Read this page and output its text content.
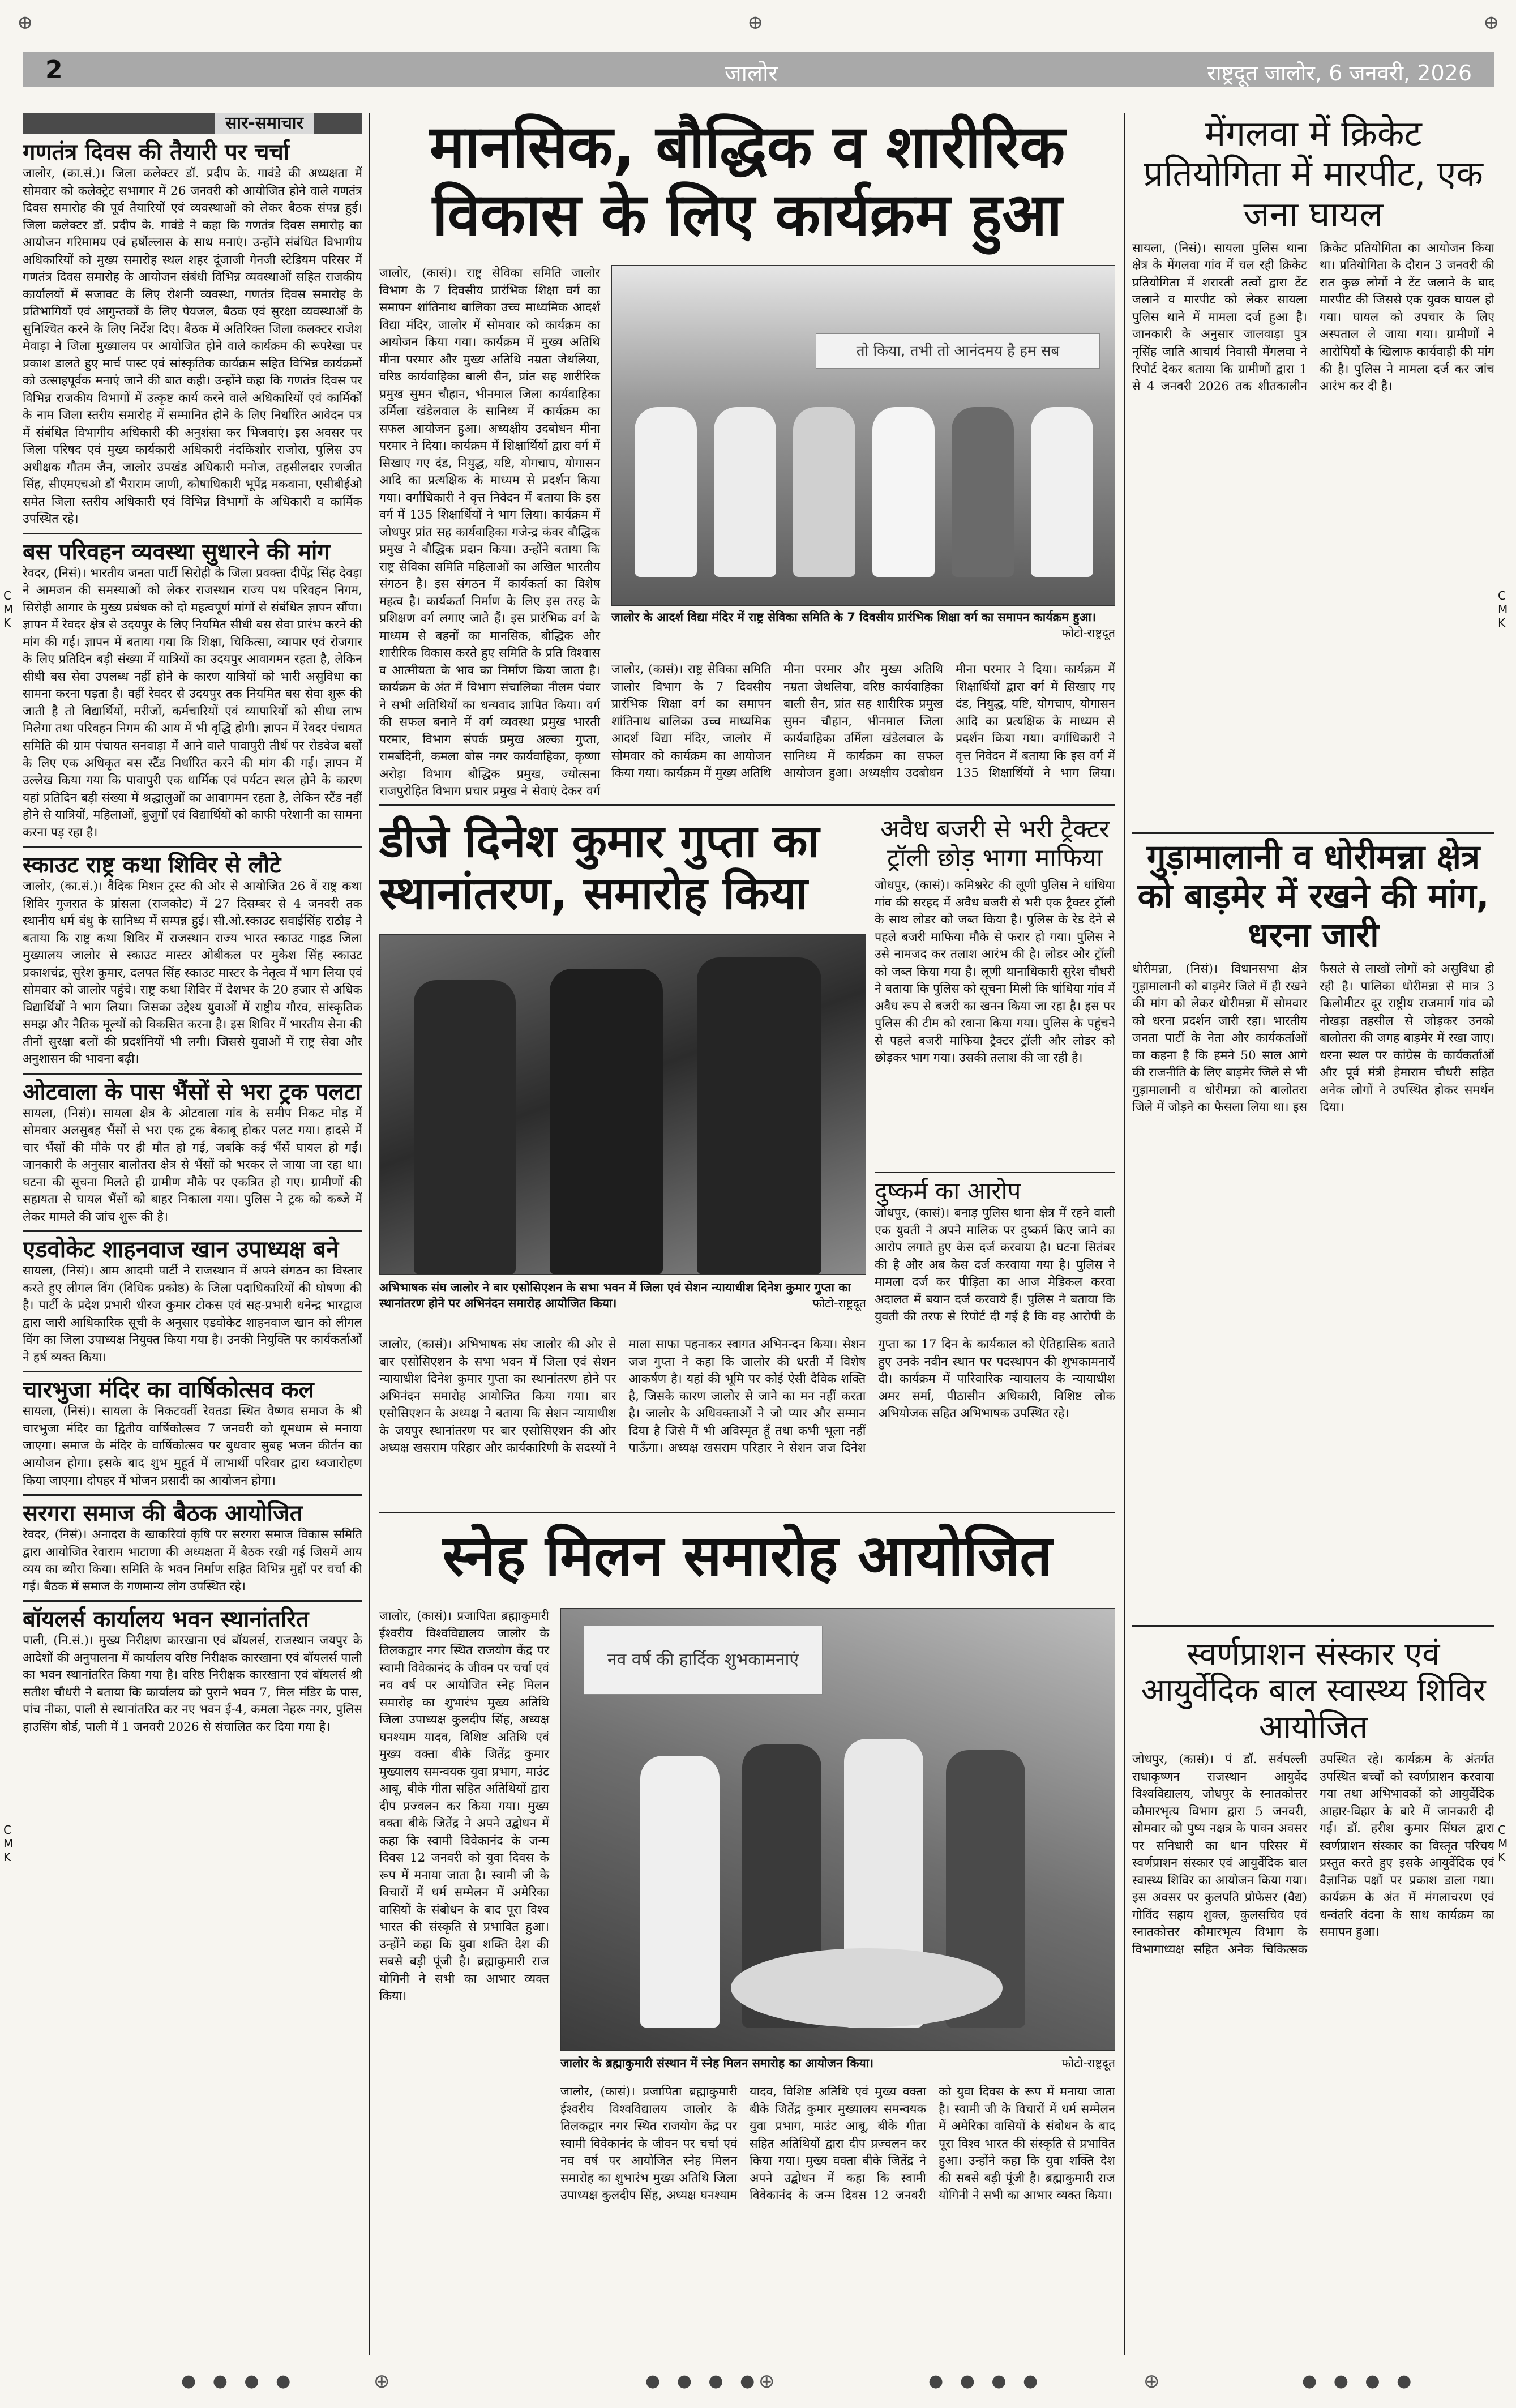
⊕	⊕	⊕
C
M
K
C
M
K
C
M
K
C
M
K
2	जालोर	राष्ट्रदूत जालोर, 6 जनवरी, 2026
सार-समाचार
गणतंत्र दिवस की तैयारी पर चर्चा
जालोर, (का.सं.)। जिला कलेक्टर डॉ. प्रदीप के. गावंडे की अध्यक्षता में सोमवार को कलेक्ट्रेट सभागार में 26 जनवरी को आयोजित होने वाले गणतंत्र दिवस समारोह की पूर्व तैयारियों एवं व्यवस्थाओं को लेकर बैठक संपन्न हुई। जिला कलेक्टर डॉ. प्रदीप के. गावंडे ने कहा कि गणतंत्र दिवस समारोह का आयोजन गरिमामय एवं हर्षोल्लास के साथ मनाएं। उन्होंने संबंधित विभागीय अधिकारियों को मुख्य समारोह स्थल शहर दूंजाजी गेनजी स्टेडियम परिसर में गणतंत्र दिवस समारोह के आयोजन संबंधी विभिन्न व्यवस्थाओं सहित राजकीय कार्यालयों में सजावट के लिए रोशनी व्यवस्था, गणतंत्र दिवस समारोह के प्रतिभागियों एवं आगुन्तकों के लिए पेयजल, बैठक एवं सुरक्षा व्यवस्थाओं के सुनिश्चित करने के लिए निर्देश दिए। बैठक में अतिरिक्त जिला कलक्टर राजेश मेवाड़ा ने जिला मुख्यालय पर आयोजित होने वाले कार्यक्रम की रूपरेखा पर प्रकाश डालते हुए मार्च पास्ट एवं सांस्कृतिक कार्यक्रम सहित विभिन्न कार्यक्रमों को उत्साहपूर्वक मनाएं जाने की बात कही। उन्होंने कहा कि गणतंत्र दिवस पर विभिन्न राजकीय विभागों में उत्कृष्ट कार्य करने वाले अधिकारियों एवं कार्मिकों के नाम जिला स्तरीय समारोह में सम्मानित होने के लिए निर्धारित आवेदन पत्र में संबंधित विभागीय अधिकारी की अनुशंसा कर भिजवाएं। इस अवसर पर जिला परिषद एवं मुख्य कार्यकारी अधिकारी नंदकिशोर राजोरा, पुलिस उप अधीक्षक गौतम जैन, जालोर उपखंड अधिकारी मनोज, तहसीलदार रणजीत सिंह, सीएमएचओ डॉ भैराराम जाणी, कोषाधिकारी भूपेंद्र मकवाना, एसीबीईओ समेत जिला स्तरीय अधिकारी एवं विभिन्न विभागों के अधिकारी व कार्मिक उपस्थित रहे।
बस परिवहन व्यवस्था सुधारने की मांग
रेवदर, (निसं)। भारतीय जनता पार्टी सिरोही के जिला प्रवक्ता दीपेंद्र सिंह देवड़ा ने आमजन की समस्याओं को लेकर राजस्थान राज्य पथ परिवहन निगम, सिरोही आगार के मुख्य प्रबंधक को दो महत्वपूर्ण मांगों से संबंधित ज्ञापन सौंपा। ज्ञापन में रेवदर क्षेत्र से उदयपुर के लिए नियमित सीधी बस सेवा प्रारंभ करने की मांग की गई। ज्ञापन में बताया गया कि शिक्षा, चिकित्सा, व्यापार एवं रोजगार के लिए प्रतिदिन बड़ी संख्या में यात्रियों का उदयपुर आवागमन रहता है, लेकिन सीधी बस सेवा उपलब्ध नहीं होने के कारण यात्रियों को भारी असुविधा का सामना करना पड़ता है। वहीं रेवदर से उदयपुर तक नियमित बस सेवा शुरू की जाती है तो विद्यार्थियों, मरीजों, कर्मचारियों एवं व्यापारियों को सीधा लाभ मिलेगा तथा परिवहन निगम की आय में भी वृद्धि होगी। ज्ञापन में रेवदर पंचायत समिति की ग्राम पंचायत सनवाड़ा में आने वाले पावापुरी तीर्थ पर रोडवेज बसों के लिए एक अधिकृत बस स्टैंड निर्धारित करने की मांग की गई। ज्ञापन में उल्लेख किया गया कि पावापुरी एक धार्मिक एवं पर्यटन स्थल होने के कारण यहां प्रतिदिन बड़ी संख्या में श्रद्धालुओं का आवागमन रहता है, लेकिन स्टैंड नहीं होने से यात्रियों, महिलाओं, बुजुर्गों एवं विद्यार्थियों को काफी परेशानी का सामना करना पड़ रहा है।
स्काउट राष्ट्र कथा शिविर से लौटे
जालोर, (का.सं.)। वैदिक मिशन ट्रस्ट की ओर से आयोजित 26 वें राष्ट्र कथा शिविर गुजरात के प्रांसला (राजकोट) में 27 दिसम्बर से 4 जनवरी तक स्थानीय धर्म बंधु के सानिध्य में सम्पन्न हुई। सी.ओ.स्काउट सवाईसिंह राठौड़ ने बताया कि राष्ट्र कथा शिविर में राजस्थान राज्य भारत स्काउट गाइड जिला मुख्यालय जालोर से स्काउट मास्टर ओबीकल पर मुकेश सिंह स्काउट प्रकाशचंद्र, सुरेश कुमार, दलपत सिंह स्काउट मास्टर के नेतृत्व में भाग लिया एवं सोमवार को जालोर पहुंचे। राष्ट्र कथा शिविर में देशभर के 20 हजार से अधिक विद्यार्थियों ने भाग लिया। जिसका उद्देश्य युवाओं में राष्ट्रीय गौरव, सांस्कृतिक समझ और नैतिक मूल्यों को विकसित करना है। इस शिविर में भारतीय सेना की तीनों सुरक्षा बलों की प्रदर्शनियों भी लगी। जिससे युवाओं में राष्ट्र सेवा और अनुशासन की भावना बढ़ी।
ओटवाला के पास भैंसों से भरा ट्रक पलटा
सायला, (निसं)। सायला क्षेत्र के ओटवाला गांव के समीप निकट मोड़ में सोमवार अलसुबह भैंसों से भरा एक ट्रक बेकाबू होकर पलट गया। हादसे में चार भैंसों की मौके पर ही मौत हो गई, जबकि कई भैंसें घायल हो गईं। जानकारी के अनुसार बालोतरा क्षेत्र से भैंसों को भरकर ले जाया जा रहा था। घटना की सूचना मिलते ही ग्रामीण मौके पर एकत्रित हो गए। ग्रामीणों की सहायता से घायल भैंसों को बाहर निकाला गया। पुलिस ने ट्रक को कब्जे में लेकर मामले की जांच शुरू की है।
एडवोकेट शाहनवाज खान उपाध्यक्ष बने
सायला, (निसं)। आम आदमी पार्टी ने राजस्थान में अपने संगठन का विस्तार करते हुए लीगल विंग (विधिक प्रकोष्ठ) के जिला पदाधिकारियों की घोषणा की है। पार्टी के प्रदेश प्रभारी धीरज कुमार टोकस एवं सह-प्रभारी धनेन्द्र भारद्वाज द्वारा जारी आधिकारिक सूची के अनुसार एडवोकेट शाहनवाज खान को लीगल विंग का जिला उपाध्यक्ष नियुक्त किया गया है। उनकी नियुक्ति पर कार्यकर्ताओं ने हर्ष व्यक्त किया।
चारभुजा मंदिर का वार्षिकोत्सव कल
सायला, (निसं)। सायला के निकटवर्ती रेवतडा स्थित वैष्णव समाज के श्री चारभुजा मंदिर का द्वितीय वार्षिकोत्सव 7 जनवरी को धूमधाम से मनाया जाएगा। समाज के मंदिर के वार्षिकोत्सव पर बुधवार सुबह भजन कीर्तन का आयोजन होगा। इसके बाद शुभ मुहूर्त में लाभार्थी परिवार द्वारा ध्वजारोहण किया जाएगा। दोपहर में भोजन प्रसादी का आयोजन होगा।
सरगरा समाज की बैठक आयोजित
रेवदर, (निसं)। अनादरा के खाकरियां कृषि पर सरगरा समाज विकास समिति द्वारा आयोजित रेवाराम भाटाणा की अध्यक्षता में बैठक रखी गई जिसमें आय व्यय का ब्यौरा किया। समिति के भवन निर्माण सहित विभिन्न मुद्दों पर चर्चा की गई। बैठक में समाज के गणमान्य लोग उपस्थित रहे।
बॉयलर्स कार्यालय भवन स्थानांतरित
पाली, (नि.सं.)। मुख्य निरीक्षण कारखाना एवं बॉयलर्स, राजस्थान जयपुर के आदेशों की अनुपालना में कार्यालय वरिष्ठ निरीक्षक कारखाना एवं बॉयलर्स पाली का भवन स्थानांतरित किया गया है। वरिष्ठ निरीक्षक कारखाना एवं बॉयलर्स श्री सतीश चौधरी ने बताया कि कार्यालय को पुराने भवन 7, मिल मंडिर के पास, पांच नीका, पाली से स्थानांतरित कर नए भवन ई-4, कमला नेहरू नगर, पुलिस हाउसिंग बोर्ड, पाली में 1 जनवरी 2026 से संचालित कर दिया गया है।
मानसिक, बौद्धिक व शारीरिक विकास के लिए कार्यक्रम हुआ
जालोर, (कासं)। राष्ट्र सेविका समिति जालोर विभाग के 7 दिवसीय प्रारंभिक शिक्षा वर्ग का समापन शांतिनाथ बालिका उच्च माध्यमिक आदर्श विद्या मंदिर, जालोर में सोमवार को कार्यक्रम का आयोजन किया गया। कार्यक्रम में मुख्य अतिथि मीना परमार और मुख्य अतिथि नम्रता जेथलिया, वरिष्ठ कार्यवाहिका बाली सैन, प्रांत सह शारीरिक प्रमुख सुमन चौहान, भीनमाल जिला कार्यवाहिका उर्मिला खंडेलवाल के सानिध्य में कार्यक्रम का सफल आयोजन हुआ। अध्यक्षीय उदबोधन मीना परमार ने दिया। कार्यक्रम में शिक्षार्थियों द्वारा वर्ग में सिखाए गए दंड, नियुद्ध, यष्टि, योगचाप, योगासन आदि का प्रत्यक्षिक के माध्यम से प्रदर्शन किया गया। वर्गाधिकारी ने वृत्त निवेदन में बताया कि इस वर्ग में 135 शिक्षार्थियों ने भाग लिया। कार्यक्रम में जोधपुर प्रांत सह कार्यवाहिका गजेन्द्र कंवर बौद्धिक प्रमुख ने बौद्धिक प्रदान किया। उन्होंने बताया कि राष्ट्र सेविका समिति महिलाओं का अखिल भारतीय संगठन है। इस संगठन में कार्यकर्ता का विशेष महत्व है। कार्यकर्ता निर्माण के लिए इस तरह के प्रशिक्षण वर्ग लगाए जाते हैं। इस प्रारंभिक वर्ग के माध्यम से बहनों का मानसिक, बौद्धिक और शारीरिक विकास करते हुए समिति के प्रति विश्वास व आत्मीयता के भाव का निर्माण किया जाता है। कार्यक्रम के अंत में विभाग संचालिका नीलम पंवार ने सभी अतिथियों का धन्यवाद ज्ञापित किया। वर्ग की सफल बनाने में वर्ग व्यवस्था प्रमुख भारती परमार, विभाग संपर्क प्रमुख अल्का गुप्ता, रामबंदिनी, कमला बोस नगर कार्यवाहिका, कृष्णा अरोड़ा विभाग बौद्धिक प्रमुख, ज्योत्सना राजपुरोहित विभाग प्रचार प्रमुख ने सेवाएं देकर वर्ग
तो किया, तभी तो आनंदमय है हम सब
जालोर के आदर्श विद्या मंदिर में राष्ट्र सेविका समिति के 7 दिवसीय प्रारंभिक शिक्षा वर्ग का समापन कार्यक्रम हुआ।
फोटो-राष्ट्रदूत
जालोर, (कासं)। राष्ट्र सेविका समिति जालोर विभाग के 7 दिवसीय प्रारंभिक शिक्षा वर्ग का समापन शांतिनाथ बालिका उच्च माध्यमिक आदर्श विद्या मंदिर, जालोर में सोमवार को कार्यक्रम का आयोजन किया गया। कार्यक्रम में मुख्य अतिथि मीना परमार और मुख्य अतिथि नम्रता जेथलिया, वरिष्ठ कार्यवाहिका बाली सैन, प्रांत सह शारीरिक प्रमुख सुमन चौहान, भीनमाल जिला कार्यवाहिका उर्मिला खंडेलवाल के सानिध्य में कार्यक्रम का सफल आयोजन हुआ। अध्यक्षीय उदबोधन मीना परमार ने दिया। कार्यक्रम में शिक्षार्थियों द्वारा वर्ग में सिखाए गए दंड, नियुद्ध, यष्टि, योगचाप, योगासन आदि का प्रत्यक्षिक के माध्यम से प्रदर्शन किया गया। वर्गाधिकारी ने वृत्त निवेदन में बताया कि इस वर्ग में 135 शिक्षार्थियों ने भाग लिया।
डीजे दिनेश कुमार गुप्ता का स्थानांतरण, समारोह किया
अभिभाषक संघ जालोर ने बार एसोसिएशन के सभा भवन में जिला एवं सेशन न्यायाधीश दिनेश कुमार गुप्ता का स्थानांतरण होने पर अभिनंदन समारोह आयोजित किया।	फोटो-राष्ट्रदूत
जालोर, (कासं)। अभिभाषक संघ जालोर की ओर से बार एसोसिएशन के सभा भवन में जिला एवं सेशन न्यायाधीश दिनेश कुमार गुप्ता का स्थानांतरण होने पर अभिनंदन समारोह आयोजित किया गया। बार एसोसिएशन के अध्यक्ष ने बताया कि सेशन न्यायाधीश के जयपुर स्थानांतरण पर बार एसोसिएशन की ओर अध्यक्ष खसराम परिहार और कार्यकारिणी के सदस्यों ने माला साफा पहनाकर स्वागत अभिनन्दन किया। सेशन जज गुप्ता ने कहा कि जालोर की धरती में विशेष आकर्षण है। यहां की भूमि पर कोई ऐसी दैविक शक्ति है, जिसके कारण जालोर से जाने का मन नहीं करता है। जालोर के अधिवक्ताओं ने जो प्यार और सम्मान दिया है जिसे मैं भी अविस्मृत हूँ तथा कभी भूला नहीं पाऊँगा। अध्यक्ष खसराम परिहार ने सेशन जज दिनेश गुप्ता का 17 दिन के कार्यकाल को ऐतिहासिक बताते हुए उनके नवीन स्थान पर पदस्थापन की शुभकामनायें दी। कार्यक्रम में पारिवारिक न्यायालय के न्यायाधीश अमर सर्मा, पीठासीन अधिकारी, विशिष्ट लोक अभियोजक सहित अभिभाषक उपस्थित रहे।
अवैध बजरी से भरी ट्रैक्टर ट्रॉली छोड़ भागा माफिया
जोधपुर, (कासं)। कमिश्नरेट की लूणी पुलिस ने धांधिया गांव की सरहद में अवैध बजरी से भरी एक ट्रैक्टर ट्रॉली के साथ लोडर को जब्त किया है। पुलिस के रेड देने से पहले बजरी माफिया मौके से फरार हो गया। पुलिस ने उसे नामजद कर तलाश आरंभ की है। लोडर और ट्रॉली को जब्त किया गया है। लूणी थानाधिकारी सुरेश चौधरी ने बताया कि पुलिस को सूचना मिली कि धांधिया गांव में अवैध रूप से बजरी का खनन किया जा रहा है। इस पर पुलिस की टीम को रवाना किया गया। पुलिस के पहुंचने से पहले बजरी माफिया ट्रैक्टर ट्रॉली और लोडर को छोड़कर भाग गया। उसकी तलाश की जा रही है।
दुष्कर्म का आरोप
जोधपुर, (कासं)। बनाड़ पुलिस थाना क्षेत्र में रहने वाली एक युवती ने अपने मालिक पर दुष्कर्म किए जाने का आरोप लगाते हुए केस दर्ज करवाया है। घटना सितंबर की है और अब केस दर्ज करवाया गया है। पुलिस ने मामला दर्ज कर पीड़िता का आज मेडिकल करवा अदालत में बयान दर्ज करवाये हैं। पुलिस ने बताया कि युवती की तरफ से रिपोर्ट दी गई है कि वह आरोपी के
स्नेह मिलन समारोह आयोजित
जालोर, (कासं)। प्रजापिता ब्रह्माकुमारी ईश्वरीय विश्वविद्यालय जालोर के तिलकद्वार नगर स्थित राजयोग केंद्र पर स्वामी विवेकानंद के जीवन पर चर्चा एवं नव वर्ष पर आयोजित स्नेह मिलन समारोह का शुभारंभ मुख्य अतिथि जिला उपाध्यक्ष कुलदीप सिंह, अध्यक्ष घनश्याम यादव, विशिष्ट अतिथि एवं मुख्य वक्ता बीके जितेंद्र कुमार मुख्यालय समन्वयक युवा प्रभाग, माउंट आबू, बीके गीता सहित अतिथियों द्वारा दीप प्रज्वलन कर किया गया। मुख्य वक्ता बीके जितेंद्र ने अपने उद्बोधन में कहा कि स्वामी विवेकानंद के जन्म दिवस 12 जनवरी को युवा दिवस के रूप में मनाया जाता है। स्वामी जी के विचारों में धर्म सम्मेलन में अमेरिका वासियों के संबोधन के बाद पूरा विश्व भारत की संस्कृति से प्रभावित हुआ। उन्होंने कहा कि युवा शक्ति देश की सबसे बड़ी पूंजी है। ब्रह्माकुमारी राज योगिनी ने सभी का आभार व्यक्त किया।
नव वर्ष की हार्दिक शुभकामनाएं
जालोर के ब्रह्माकुमारी संस्थान में स्नेह मिलन समारोह का आयोजन किया।	फोटो-राष्ट्रदूत
जालोर, (कासं)। प्रजापिता ब्रह्माकुमारी ईश्वरीय विश्वविद्यालय जालोर के तिलकद्वार नगर स्थित राजयोग केंद्र पर स्वामी विवेकानंद के जीवन पर चर्चा एवं नव वर्ष पर आयोजित स्नेह मिलन समारोह का शुभारंभ मुख्य अतिथि जिला उपाध्यक्ष कुलदीप सिंह, अध्यक्ष घनश्याम यादव, विशिष्ट अतिथि एवं मुख्य वक्ता बीके जितेंद्र कुमार मुख्यालय समन्वयक युवा प्रभाग, माउंट आबू, बीके गीता सहित अतिथियों द्वारा दीप प्रज्वलन कर किया गया। मुख्य वक्ता बीके जितेंद्र ने अपने उद्बोधन में कहा कि स्वामी विवेकानंद के जन्म दिवस 12 जनवरी को युवा दिवस के रूप में मनाया जाता है। स्वामी जी के विचारों में धर्म सम्मेलन में अमेरिका वासियों के संबोधन के बाद पूरा विश्व भारत की संस्कृति से प्रभावित हुआ। उन्होंने कहा कि युवा शक्ति देश की सबसे बड़ी पूंजी है। ब्रह्माकुमारी राज योगिनी ने सभी का आभार व्यक्त किया।
मेंगलवा में क्रिकेट प्रतियोगिता में मारपीट, एक जना घायल
सायला, (निसं)। सायला पुलिस थाना क्षेत्र के मेंगलवा गांव में चल रही क्रिकेट प्रतियोगिता में शरारती तत्वों द्वारा टेंट जलाने व मारपीट को लेकर सायला पुलिस थाने में मामला दर्ज हुआ है। जानकारी के अनुसार जालवाड़ा पुत्र नृसिंह जाति आचार्य निवासी मेंगलवा ने रिपोर्ट देकर बताया कि ग्रामीणों द्वारा 1 से 4 जनवरी 2026 तक शीतकालीन क्रिकेट प्रतियोगिता का आयोजन किया था। प्रतियोगिता के दौरान 3 जनवरी की रात कुछ लोगों ने टेंट जलाने के बाद मारपीट की जिससे एक युवक घायल हो गया। घायल को उपचार के लिए अस्पताल ले जाया गया। ग्रामीणों ने आरोपियों के खिलाफ कार्यवाही की मांग की है। पुलिस ने मामला दर्ज कर जांच आरंभ कर दी है।
गुड़ामालानी व धोरीमन्ना क्षेत्र को बाड़मेर में रखने की मांग, धरना जारी
धोरीमन्ना, (निसं)। विधानसभा क्षेत्र गुड़ामालानी को बाड़मेर जिले में ही रखने की मांग को लेकर धोरीमन्ना में सोमवार को धरना प्रदर्शन जारी रहा। भारतीय जनता पार्टी के नेता और कार्यकर्ताओं का कहना है कि हमने 50 साल आगे की राजनीति के लिए बाड़मेर जिले से भी गुड़ामालानी व धोरीमन्ना को बालोतरा जिले में जोड़ने का फैसला लिया था। इस फैसले से लाखों लोगों को असुविधा हो रही है। पालिका धोरीमन्ना से मात्र 3 किलोमीटर दूर राष्ट्रीय राजमार्ग गांव को नोखड़ा तहसील से जोड़कर उनको बालोतरा की जगह बाड़मेर में रखा जाए। धरना स्थल पर कांग्रेस के कार्यकर्ताओं और पूर्व मंत्री हेमाराम चौधरी सहित अनेक लोगों ने उपस्थित होकर समर्थन दिया।
स्वर्णप्राशन संस्कार एवं आयुर्वेदिक बाल स्वास्थ्य शिविर आयोजित
जोधपुर, (कासं)। पं डॉ. सर्वपल्ली राधाकृष्णन राजस्थान आयुर्वेद विश्वविद्यालय, जोधपुर के स्नातकोत्तर कौमारभृत्य विभाग द्वारा 5 जनवरी, सोमवार को पुष्य नक्षत्र के पावन अवसर पर सनिधारी का धान परिसर में स्वर्णप्राशन संस्कार एवं आयुर्वेदिक बाल स्वास्थ्य शिविर का आयोजन किया गया। इस अवसर पर कुलपति प्रोफेसर (वैद्य) गोविंद सहाय शुक्ल, कुलसचिव एवं स्नातकोत्तर कौमारभृत्य विभाग के विभागाध्यक्ष सहित अनेक चिकित्सक उपस्थित रहे। कार्यक्रम के अंतर्गत उपस्थित बच्चों को स्वर्णप्राशन करवाया गया तथा अभिभावकों को आयुर्वेदिक आहार-विहार के बारे में जानकारी दी गई। डॉ. हरीश कुमार सिंघल द्वारा स्वर्णप्राशन संस्कार का विस्तृत परिचय प्रस्तुत करते हुए इसके आयुर्वेदिक एवं वैज्ञानिक पक्षों पर प्रकाश डाला गया। कार्यक्रम के अंत में मंगलाचरण एवं धन्वंतरि वंदना के साथ कार्यक्रम का समापन हुआ।
● ● ● ●	⊕	● ● ● ●
⊕	● ● ● ●	⊕	● ● ● ●
